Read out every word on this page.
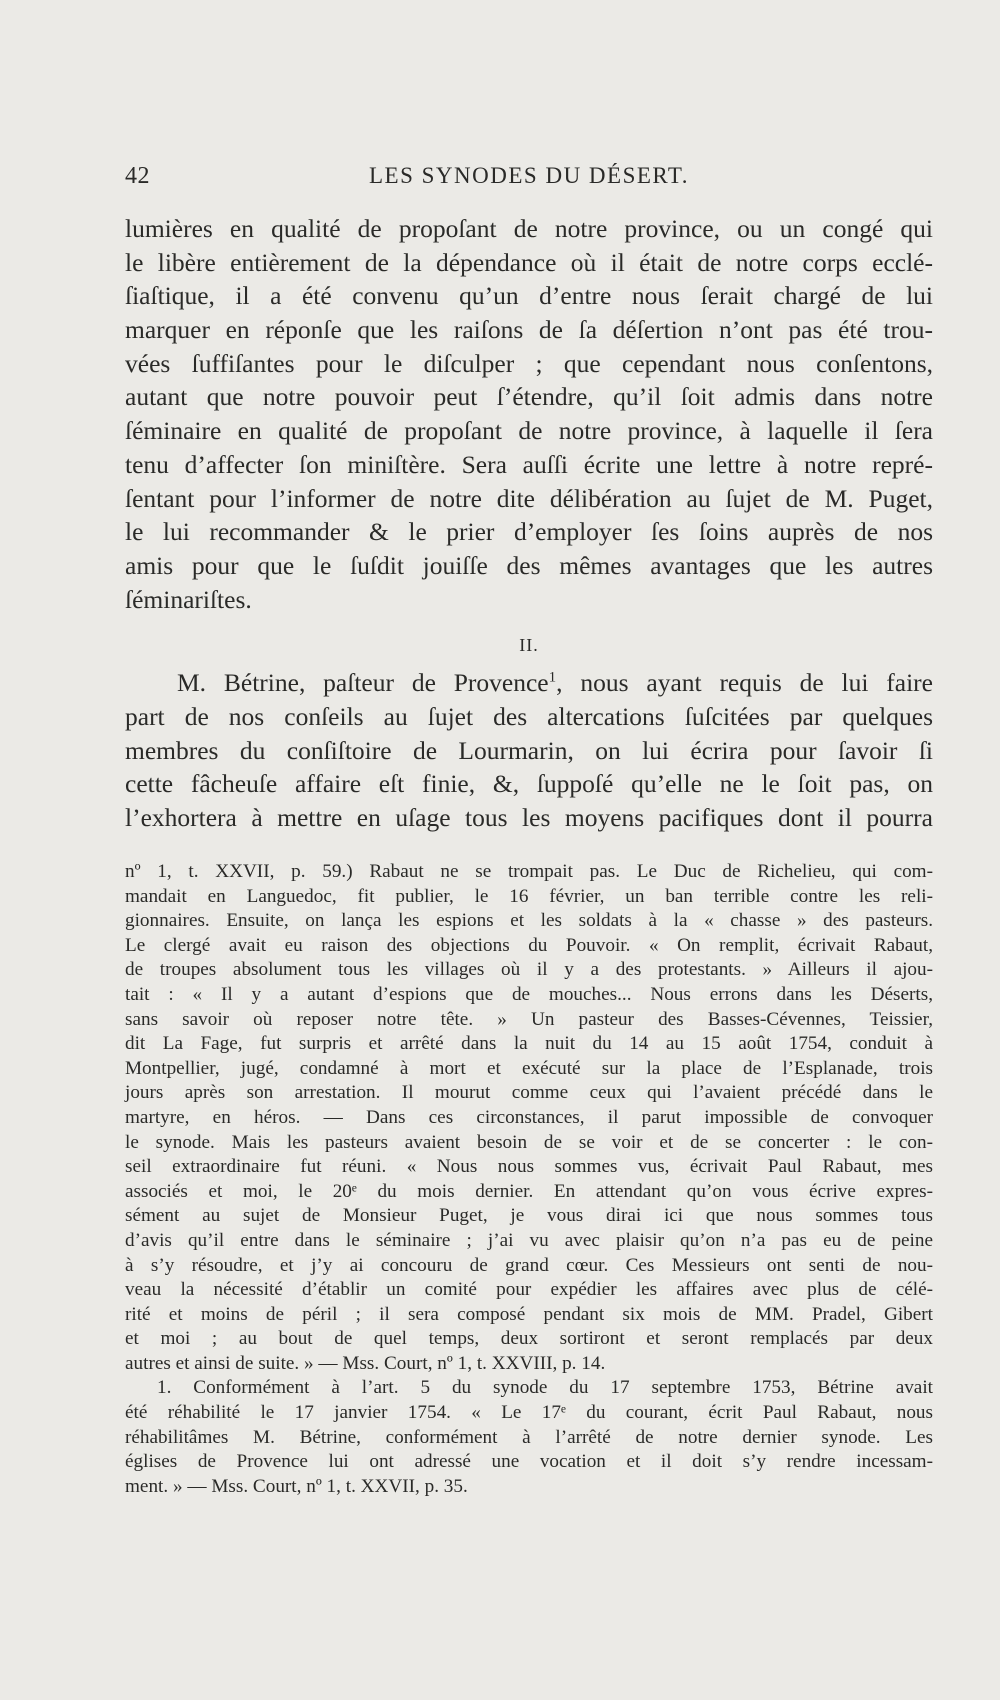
42	LES SYNODES DU DÉSERT.
lumières en qualité de propoſant de notre province, ou un congé qui
le libère entièrement de la dépendance où il était de notre corps ecclé-
ſiaſtique, il a été convenu qu’un d’entre nous ſerait chargé de lui
marquer en réponſe que les raiſons de ſa déſertion n’ont pas été trou-
vées ſuffiſantes pour le diſculper ; que cependant nous conſentons,
autant que notre pouvoir peut ſ’étendre, qu’il ſoit admis dans notre
ſéminaire en qualité de propoſant de notre province, à laquelle il ſera
tenu d’affecter ſon miniſtère. Sera auſſi écrite une lettre à notre repré-
ſentant pour l’informer de notre dite délibération au ſujet de M. Puget,
le lui recommander & le prier d’employer ſes ſoins auprès de nos
amis pour que le ſuſdit jouiſſe des mêmes avantages que les autres
ſéminariſtes.
II.
M. Bétrine, paſteur de Provence$^1$, nous ayant requis de lui faire
part de nos conſeils au ſujet des altercations ſuſcitées par quelques
membres du conſiſtoire de Lourmarin, on lui écrira pour ſavoir ſi
cette fâcheuſe affaire eſt finie, &, ſuppoſé qu’elle ne le ſoit pas, on
l’exhortera à mettre en uſage tous les moyens pacifiques dont il pourra
nº 1, t. XXVII, p. 59.) Rabaut ne se trompait pas. Le Duc de Richelieu, qui com-
mandait en Languedoc, fit publier, le 16 février, un ban terrible contre les reli-
gionnaires. Ensuite, on lança les espions et les soldats à la « chasse » des pasteurs.
Le clergé avait eu raison des objections du Pouvoir. « On remplit, écrivait Rabaut,
de troupes absolument tous les villages où il y a des protestants. » Ailleurs il ajou-
tait : « Il y a autant d’espions que de mouches... Nous errons dans les Déserts,
sans savoir où reposer notre tête. » Un pasteur des Basses-Cévennes, Teissier,
dit La Fage, fut surpris et arrêté dans la nuit du 14 au 15 août 1754, conduit à
Montpellier, jugé, condamné à mort et exécuté sur la place de l’Esplanade, trois
jours après son arrestation. Il mourut comme ceux qui l’avaient précédé dans le
martyre, en héros. — Dans ces circonstances, il parut impossible de convoquer
le synode. Mais les pasteurs avaient besoin de se voir et de se concerter : le con-
seil extraordinaire fut réuni. « Nous nous sommes vus, écrivait Paul Rabaut, mes
associés et moi, le 20ᵉ du mois dernier. En attendant qu’on vous écrive expres-
sément au sujet de Monsieur Puget, je vous dirai ici que nous sommes tous
d’avis qu’il entre dans le séminaire ; j’ai vu avec plaisir qu’on n’a pas eu de peine
à s’y résoudre, et j’y ai concouru de grand cœur. Ces Messieurs ont senti de nou-
veau la nécessité d’établir un comité pour expédier les affaires avec plus de célé-
rité et moins de péril ; il sera composé pendant six mois de MM. Pradel, Gibert
et moi ; au bout de quel temps, deux sortiront et seront remplacés par deux
autres et ainsi de suite. » — Mss. Court, nº 1, t. XXVIII, p. 14.
1. Conformément à l’art. 5 du synode du 17 septembre 1753, Bétrine avait
été réhabilité le 17 janvier 1754. « Le 17ᵉ du courant, écrit Paul Rabaut, nous
réhabilitâmes M. Bétrine, conformément à l’arrêté de notre dernier synode. Les
églises de Provence lui ont adressé une vocation et il doit s’y rendre incessam-
ment. » — Mss. Court, nº 1, t. XXVII, p. 35.
